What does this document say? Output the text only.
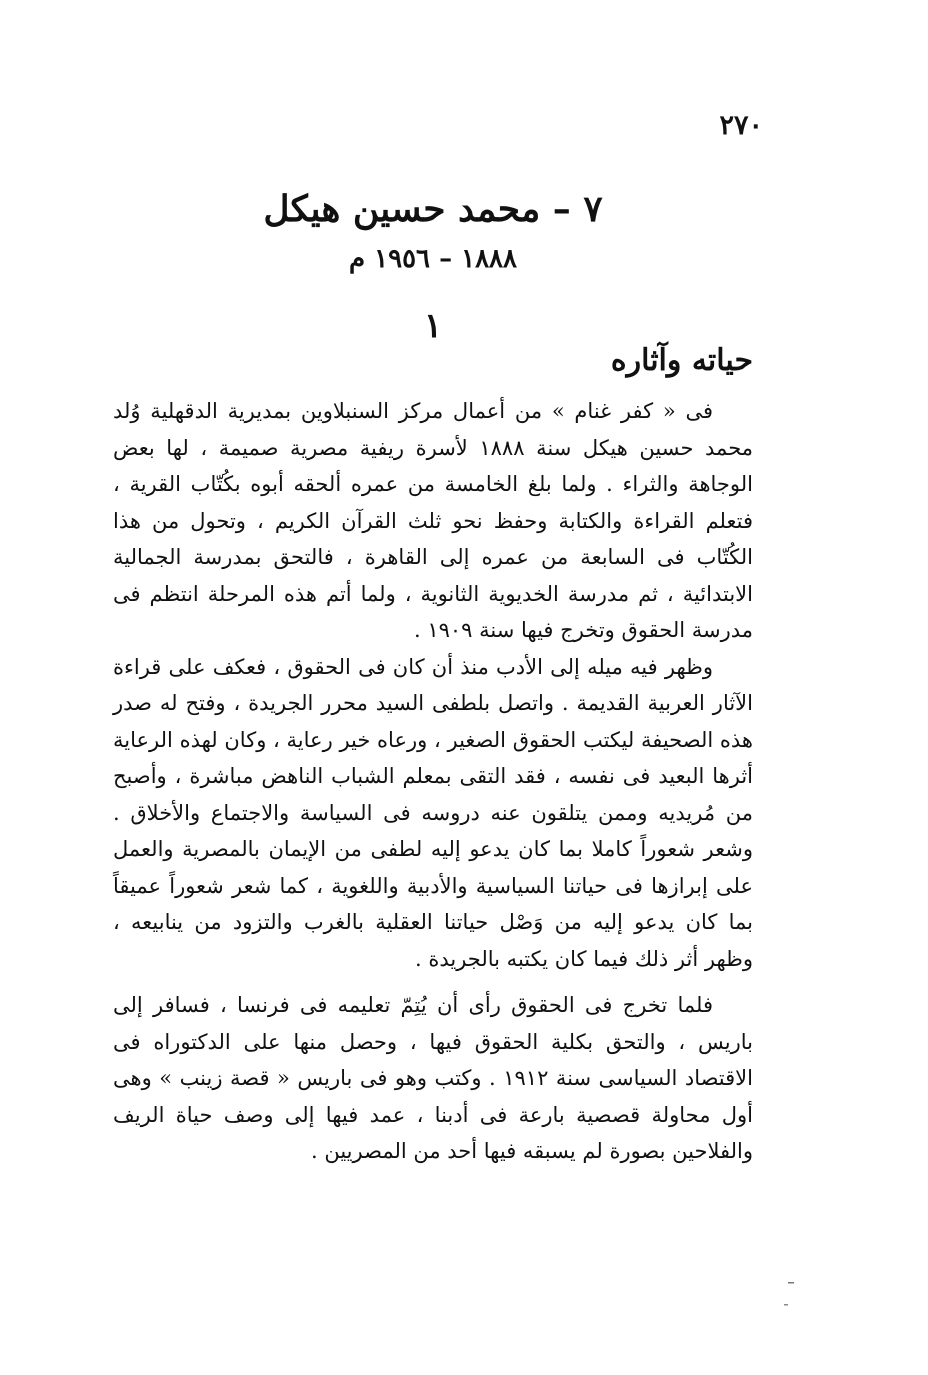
٢٧٠
٧ – محمد حسين هيكل
١٨٨٨ – ١٩٥٦ م
١
حياته وآثاره

فى « كفر غنام » من أعمال مركز السنبلاوين بمديرية الدقهلية وُلد محمد حسين هيكل سنة ١٨٨٨ لأسرة ريفية مصرية صميمة ، لها بعض الوجاهة والثراء . ولما بلغ الخامسة من عمره ألحقه أبوه بكُتّاب القرية ، فتعلم القراءة والكتابة وحفظ نحو ثلث القرآن الكريم ، وتحول من هذا الكُتّاب فى السابعة من عمره إلى القاهرة ، فالتحق بمدرسة الجمالية الابتدائية ، ثم مدرسة الخديوية الثانوية ، ولما أتم هذه المرحلة انتظم فى مدرسة الحقوق وتخرج فيها سنة ١٩٠٩ .

وظهر فيه ميله إلى الأدب منذ أن كان فى الحقوق ، فعكف على قراءة الآثار العربية القديمة . واتصل بلطفى السيد محرر الجريدة ، وفتح له صدر هذه الصحيفة ليكتب الحقوق الصغير ، ورعاه خير رعاية ، وكان لهذه الرعاية أثرها البعيد فى نفسه ، فقد التقى بمعلم الشباب الناهض مباشرة ، وأصبح من مُريديه وممن يتلقون عنه دروسه فى السياسة والاجتماع والأخلاق . وشعر شعوراً كاملا بما كان يدعو إليه لطفى من الإيمان بالمصرية والعمل على إبرازها فى حياتنا السياسية والأدبية واللغوية ، كما شعر شعوراً عميقاً بما كان يدعو إليه من وَصْل حياتنا العقلية بالغرب والتزود من ينابيعه ، وظهر أثر ذلك فيما كان يكتبه بالجريدة .

فلما تخرج فى الحقوق رأى أن يُتِمّ تعليمه فى فرنسا ، فسافر إلى باريس ، والتحق بكلية الحقوق فيها ، وحصل منها على الدكتوراه فى الاقتصاد السياسى سنة ١٩١٢ . وكتب وهو فى باريس « قصة زينب » وهى أول محاولة قصصية بارعة فى أدبنا ، عمد فيها إلى وصف حياة الريف والفلاحين بصورة لم يسبقه فيها أحد من المصريين .
